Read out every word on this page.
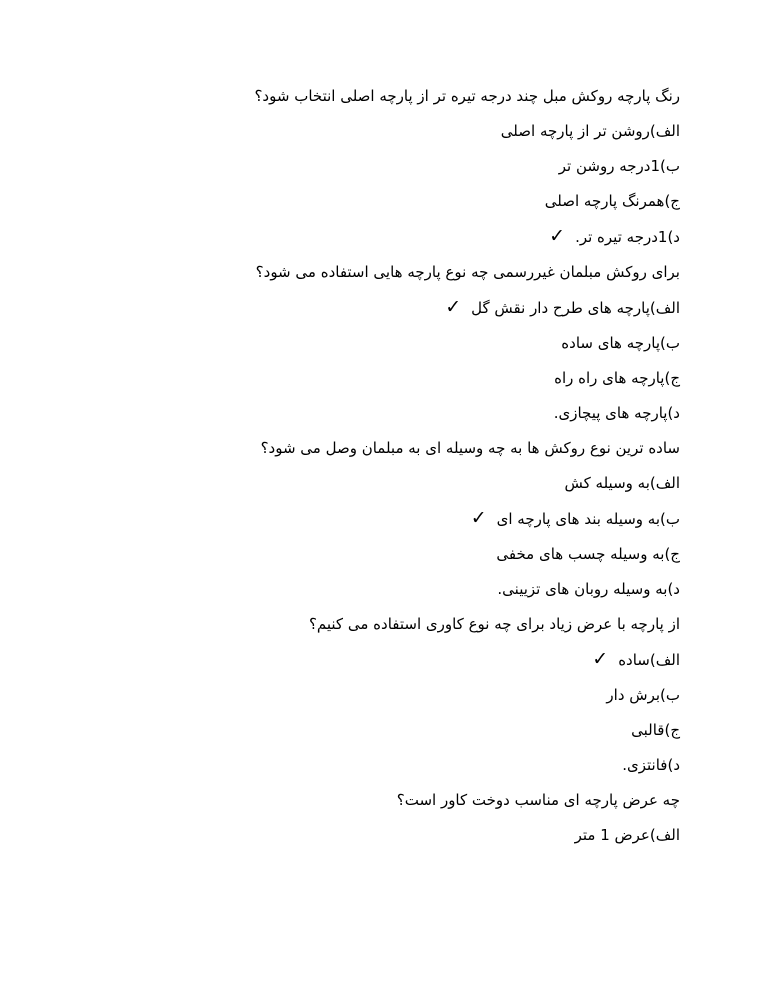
رنگ پارچه روکش مبل چند درجه تیره تر از پارچه اصلی انتخاب شود؟
الف)روشن تر از پارچه اصلی
ب)1درجه روشن تر
ج)همرنگ پارچه اصلی
د)1درجه تیره تر.✓
برای روکش مبلمان غیررسمی چه نوع پارچه هایی استفاده می شود؟
الف)پارچه های طرح دار نقش گل✓
ب)پارچه های ساده
ج)پارچه های راه راه
د)پارچه های پیچازی.
ساده ترین نوع روکش ها به چه وسیله ای به مبلمان وصل می شود؟
الف)به وسیله کش
ب)به وسیله بند های پارچه ای✓
ج)به وسیله چسب های مخفی
د)به وسیله روبان های تزیینی.
از پارچه با عرض زیاد برای چه نوع کاوری استفاده می کنیم؟
الف)ساده✓
ب)برش دار
ج)قالبی
د)فانتزی.
چه عرض پارچه ای مناسب دوخت کاور است؟
الف)عرض 1 متر
